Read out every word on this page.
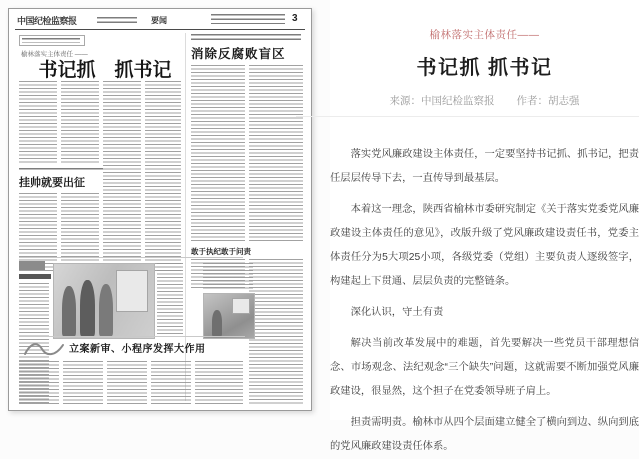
中国纪检监察报	要闻	3
榆林落实主体责任 ——
书记抓　抓书记
挂帅就要出征
消除反腐败盲区
敢于执纪敢于问责
立案新审、小程序发挥大作用
榆林落实主体责任——
书记抓 抓书记
来源：中国纪检监察报 作者：胡志强

落实党风廉政建设主体责任，一定要坚持书记抓、抓书记，把责任层层传导下去，一直传导到最基层。

本着这一理念，陕西省榆林市委研究制定《关于落实党委党风廉政建设主体责任的意见》，改版升级了党风廉政建设责任书，党委主体责任分为5大项25小项，各级党委（党组）主要负责人逐级签字，构建起上下贯通、层层负责的完整链条。

深化认识，守土有责

解决当前改革发展中的难题，首先要解决一些党员干部理想信念、市场观念、法纪观念“三个缺失”问题，这就需要不断加强党风廉政建设，很显然，这个担子在党委领导班子肩上。

担责需明责。榆林市从四个层面建立健全了横向到边、纵向到底的党风廉政建设责任体系。
